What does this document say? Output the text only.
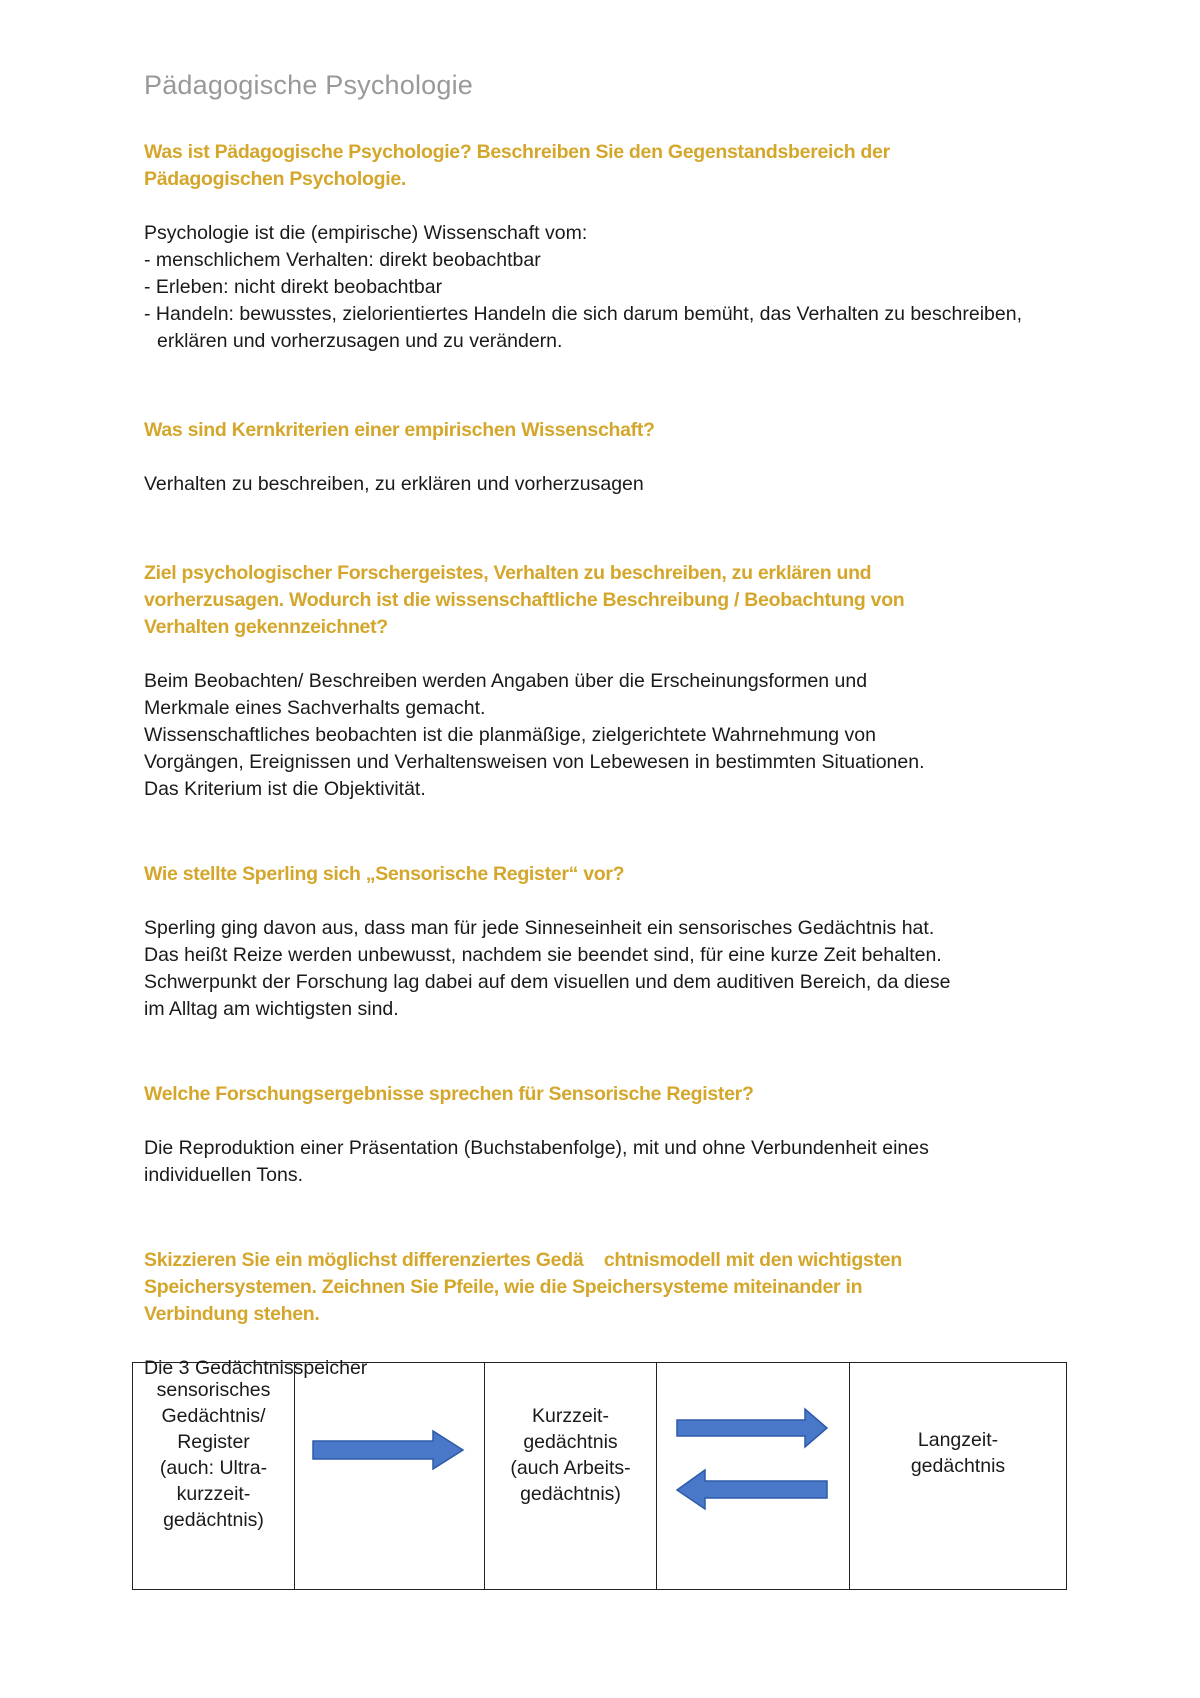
Pädagogische Psychologie

Was ist Pädagogische Psychologie? Beschreiben Sie den Gegenstandsbereich der
Pädagogischen Psychologie.

Psychologie ist die (empirische) Wissenschaft vom:
- menschlichem Verhalten: direkt beobachtbar
- Erleben: nicht direkt beobachtbar
- Handeln: bewusstes, zielorientiertes Handeln die sich darum bemüht, das Verhalten zu beschreiben, erklären und vorherzusagen und zu verändern.

Was sind Kernkriterien einer empirischen Wissenschaft?

Verhalten zu beschreiben, zu erklären und vorherzusagen

Ziel psychologischer Forschergeistes, Verhalten zu beschreiben, zu erklären und
vorherzusagen. Wodurch ist die wissenschaftliche Beschreibung / Beobachtung von
Verhalten gekennzeichnet?

Beim Beobachten/ Beschreiben werden Angaben über die Erscheinungsformen und
Merkmale eines Sachverhalts gemacht.
Wissenschaftliches beobachten ist die planmäßige, zielgerichtete Wahrnehmung von
Vorgängen, Ereignissen und Verhaltensweisen von Lebewesen in bestimmten Situationen.
Das Kriterium ist die Objektivität.

Wie stellte Sperling sich „Sensorische Register“ vor?

Sperling ging davon aus, dass man für jede Sinneseinheit ein sensorisches Gedächtnis hat.
Das heißt Reize werden unbewusst, nachdem sie beendet sind, für eine kurze Zeit behalten.
Schwerpunkt der Forschung lag dabei auf dem visuellen und dem auditiven Bereich, da diese
im Alltag am wichtigsten sind.

Welche Forschungsergebnisse sprechen für Sensorische Register?

Die Reproduktion einer Präsentation (Buchstabenfolge), mit und ohne Verbundenheit eines
individuellen Tons.

Skizzieren Sie ein möglichst differenziertes Gedä    chtnismodell mit den wichtigsten
Speichersystemen. Zeichnen Sie Pfeile, wie die Speichersysteme miteinander in
Verbindung stehen.

Die 3 Gedächtnisspeicher

sensorisches
Gedächtnis/
Register
(auch: Ultra-
kurzzeit-
gedächtnis)	
	Kurzzeit-
gedächtnis
(auch Arbeits-
gedächtnis)	
	Langzeit-
gedächtnis
